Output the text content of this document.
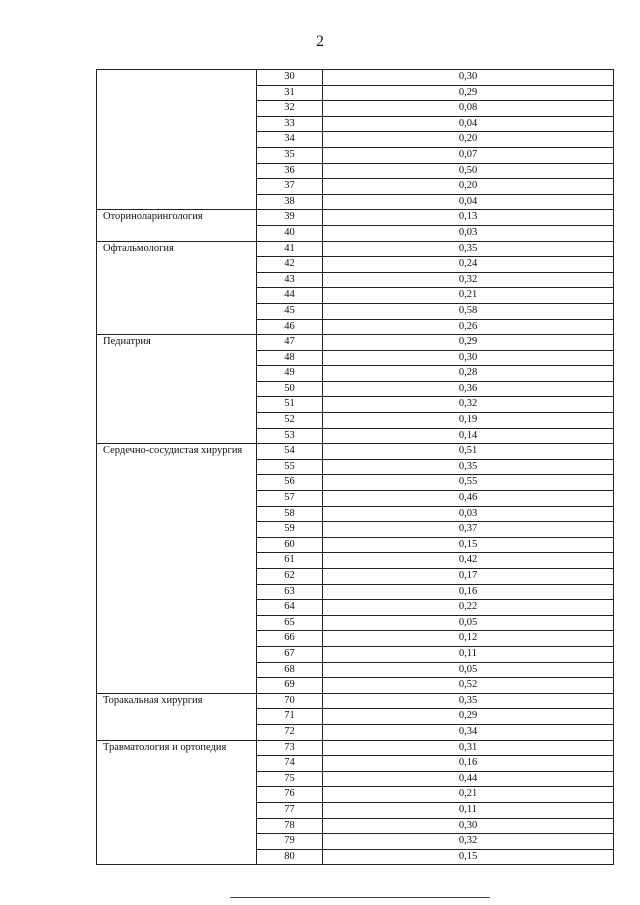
2
	30	0,30
	31	0,29
	32	0,08
	33	0,04
	34	0,20
	35	0,07
	36	0,50
	37	0,20
	38	0,04
Оториноларингология	39	0,13
	40	0,03
Офтальмология	41	0,35
	42	0,24
	43	0,32
	44	0,21
	45	0,58
	46	0,26
Педиатрия	47	0,29
	48	0,30
	49	0,28
	50	0,36
	51	0,32
	52	0,19
	53	0,14
Сердечно-сосудистая хирургия	54	0,51
	55	0,35
	56	0,55
	57	0,46
	58	0,03
	59	0,37
	60	0,15
	61	0,42
	62	0,17
	63	0,16
	64	0,22
	65	0,05
	66	0,12
	67	0,11
	68	0,05
	69	0,52
Торакальная хирургия	70	0,35
	71	0,29
	72	0,34
Травматология и ортопедия	73	0,31
	74	0,16
	75	0,44
	76	0,21
	77	0,11
	78	0,30
	79	0,32
	80	0,15
